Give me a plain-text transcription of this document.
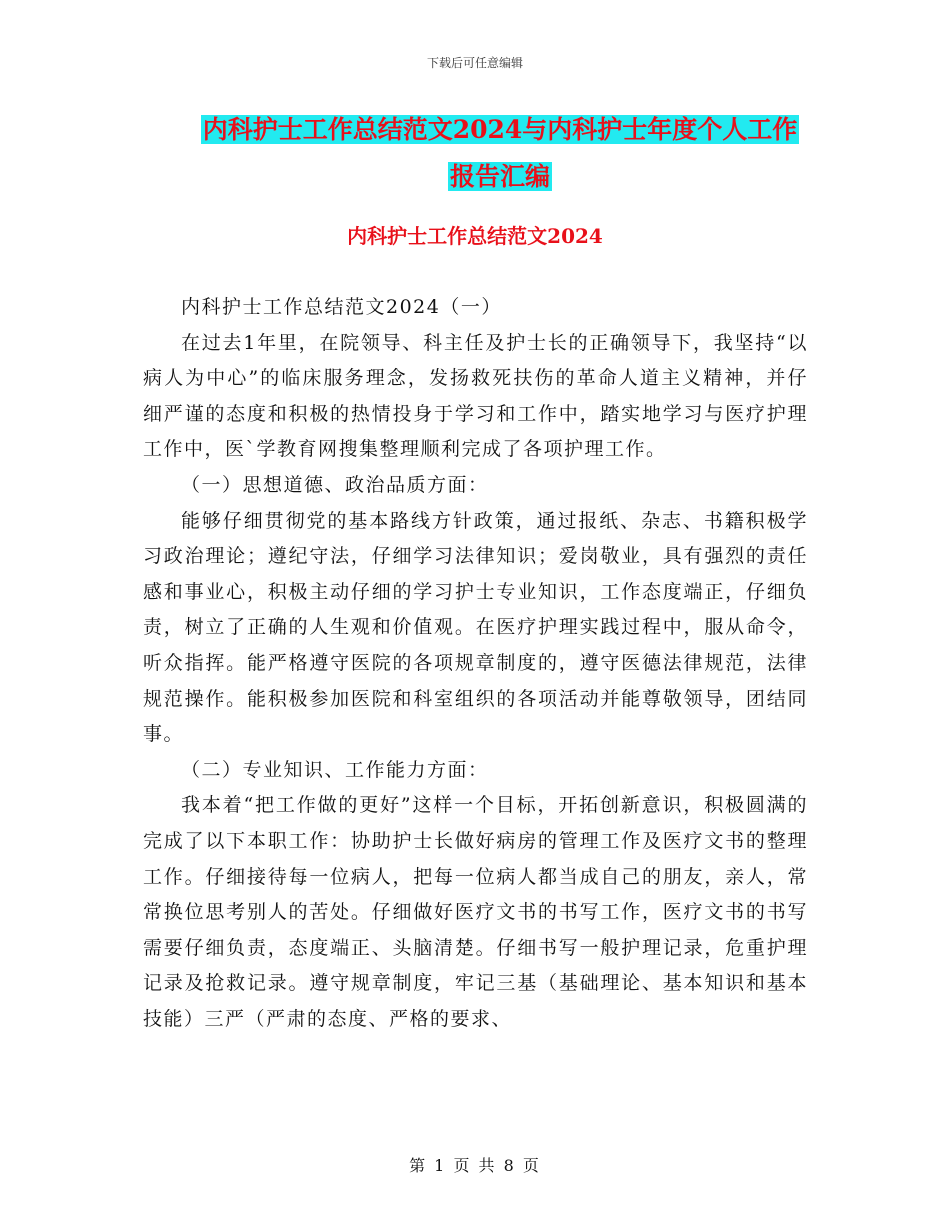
下载后可任意编辑
内科护士工作总结范文2024与内科护士年度个人工作
报告汇编
内科护士工作总结范文2024

内科护士工作总结范文2024（一）

在过去1年里，在院领导、科主任及护士长的正确领导下，我坚持“以病人为中心”的临床服务理念，发扬救死扶伤的革命人道主义精神，并仔细严谨的态度和积极的热情投身于学习和工作中，踏实地学习与医疗护理工作中，医`学教育网搜集整理顺利完成了各项护理工作。

（一）思想道德、政治品质方面：

能够仔细贯彻党的基本路线方针政策，通过报纸、杂志、书籍积极学习政治理论；遵纪守法，仔细学习法律知识；爱岗敬业，具有强烈的责任感和事业心，积极主动仔细的学习护士专业知识，工作态度端正，仔细负责，树立了正确的人生观和价值观。在医疗护理实践过程中，服从命令，听众指挥。能严格遵守医院的各项规章制度的，遵守医德法律规范，法律规范操作。能积极参加医院和科室组织的各项活动并能尊敬领导，团结同事。

（二）专业知识、工作能力方面：

我本着“把工作做的更好”这样一个目标，开拓创新意识，积极圆满的完成了以下本职工作：协助护士长做好病房的管理工作及医疗文书的整理工作。仔细接待每一位病人，把每一位病人都当成自己的朋友，亲人，常常换位思考别人的苦处。仔细做好医疗文书的书写工作，医疗文书的书写需要仔细负责，态度端正、头脑清楚。仔细书写一般护理记录，危重护理记录及抢救记录。遵守规章制度，牢记三基（基础理论、基本知识和基本技能）三严（严肃的态度、严格的要求、

第 1 页 共 8 页
